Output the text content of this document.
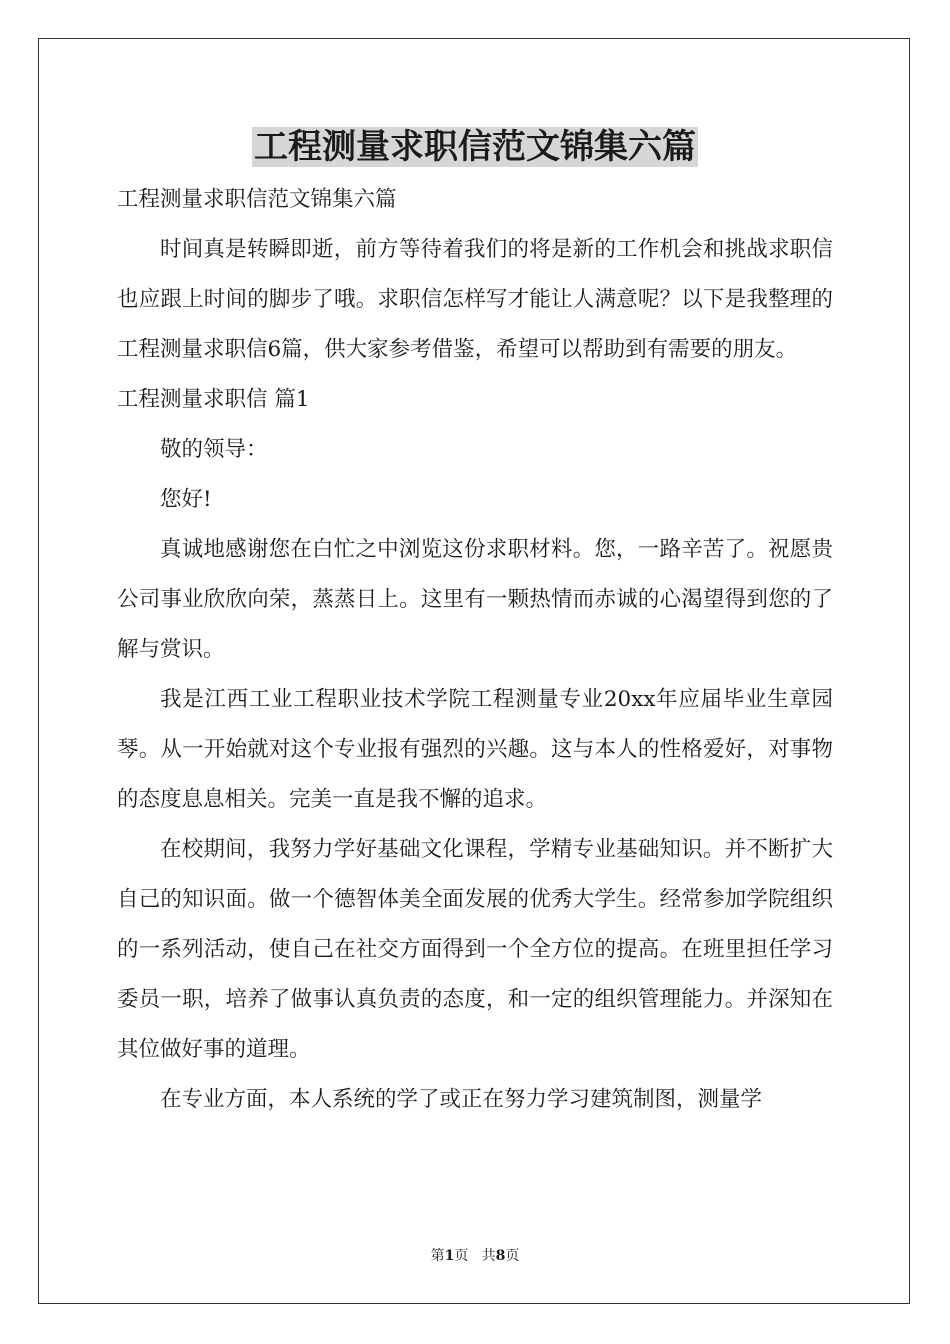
工程测量求职信范文锦集六篇

工程测量求职信范文锦集六篇

时间真是转瞬即逝，前方等待着我们的将是新的工作机会和挑战求职信也应跟上时间的脚步了哦。求职信怎样写才能让人满意呢？以下是我整理的工程测量求职信6篇，供大家参考借鉴，希望可以帮助到有需要的朋友。

工程测量求职信 篇1

敬的领导：

您好!

真诚地感谢您在白忙之中浏览这份求职材料。您，一路辛苦了。祝愿贵公司事业欣欣向荣，蒸蒸日上。这里有一颗热情而赤诚的心渴望得到您的了解与赏识。

我是江西工业工程职业技术学院工程测量专业20xx年应届毕业生章园琴。从一开始就对这个专业报有强烈的兴趣。这与本人的性格爱好，对事物的态度息息相关。完美一直是我不懈的追求。

在校期间，我努力学好基础文化课程，学精专业基础知识。并不断扩大自己的知识面。做一个德智体美全面发展的优秀大学生。经常参加学院组织的一系列活动，使自己在社交方面得到一个全方位的提高。在班里担任学习委员一职，培养了做事认真负责的态度，和一定的组织管理能力。并深知在其位做好事的道理。

在专业方面，本人系统的学了或正在努力学习建筑制图，测量学

第1页 共8页
